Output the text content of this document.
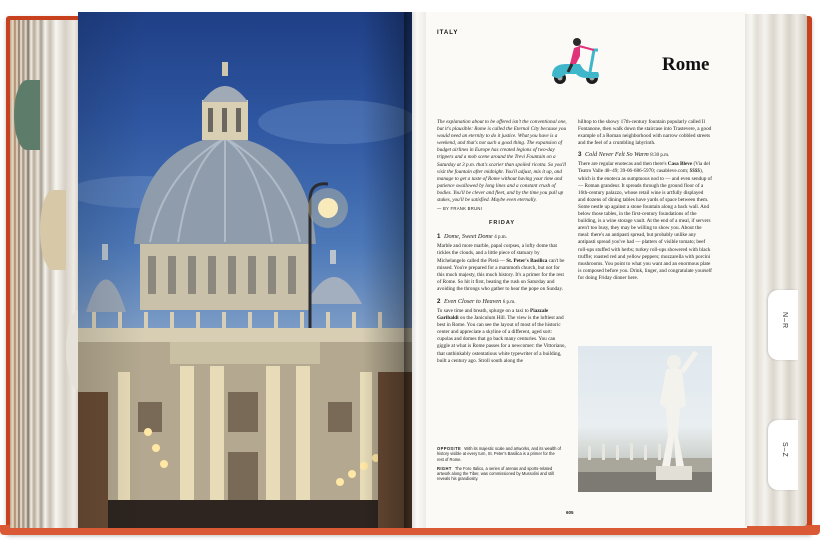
N–R
S–Z
ITALY
Rome

The explanation about to be offered isn't the conventional one, but it's plausible: Rome is called the Eternal City because you would need an eternity to do it justice. What you have is a weekend, and that's not such a good thing. The expansion of budget airlines in Europe has created legions of two-day trippers and a mob scene around the Trevi Fountain on a Saturday at 3 p.m. that's scarier than spoiled ricotta. So you'll visit the fountain after midnight. You'll adjust, mix it up, and manage to get a taste of Rome without having your time and patience swallowed by long lines and a constant crush of bodies. You'll be clever and fleet, and by the time you pull up stakes, you'll be satisfied. Maybe even eternally.

— BY FRANK BRUNI

FRIDAY

1 Dome, Sweet Dome 4 p.m.

Marble and more marble, papal corpses, a lofty dome that tickles the clouds, and a little piece of statuary by Michelangelo called the Pietà — St. Peter's Basilica can't be missed. You're prepared for a mammoth church, but not for this much majesty, this much history. It's a primer for the rest of Rome. So hit it first, beating the rush on Saturday and avoiding the throngs who gather to hear the pope on Sunday.

2 Even Closer to Heaven 6 p.m.

To save time and breath, splurge on a taxi to Piazzale Garibaldi on the Janiculum Hill. The view is the loftiest and best in Rome. You can see the layout of most of the historic center and appreciate a skyline of a different, aged sort: cupolas and domes that go back many centuries. You can giggle at what is Rome passes for a newcomer: the Vittoriano, that unthinkably ostentatious white typewriter of a building, built a century ago. Stroll south along the

hilltop to the showy 17th-century fountain popularly called Il Fontanone, then walk down the staircase into Trastevere, a good example of a Roman neighborhood with narrow cobbled streets and the feel of a crumbling labyrinth.

3 Cold Never Felt So Warm 8:30 p.m.

There are regular enotecas and then there's Casa Bleve (Via del Teatro Valle 48–49; 39-06-686-5970; casableve.com; $$$$), which is the enoteca as sumptuous nod to — and even sendup of — Roman grandeur. It spreads through the ground floor of a 16th-century palazzo, whose retail wine is artfully displayed and dozens of dining tables have yards of space between them. Some nestle up against a stone fountain along a back wall. And below those tables, in the first-century foundations of the building, is a wine storage vault. At the end of a meal, if servers aren't too busy, they may be willing to show you. About the meal: there's an antipasti spread, but probably unlike any antipasti spread you've had — platters of visible tomato; beef roll-ups stuffed with herbs; turkey roll-ups showered with black truffle; roasted red and yellow peppers; mozzarella with porcini mushrooms. You point to what you want and an enormous plate is composed before you. Drink, linger, and congratulate yourself for doing Friday dinner here.

OPPOSITE With its majestic scale and artworks, and its wealth of history visible at every turn, St. Peter's Basilica is a primer for the rest of Rome.

RIGHT The Foro Italico, a series of arenas and sports-related artwork along the Tiber, was commissioned by Mussolini and still reveals his grandiosity.

605
